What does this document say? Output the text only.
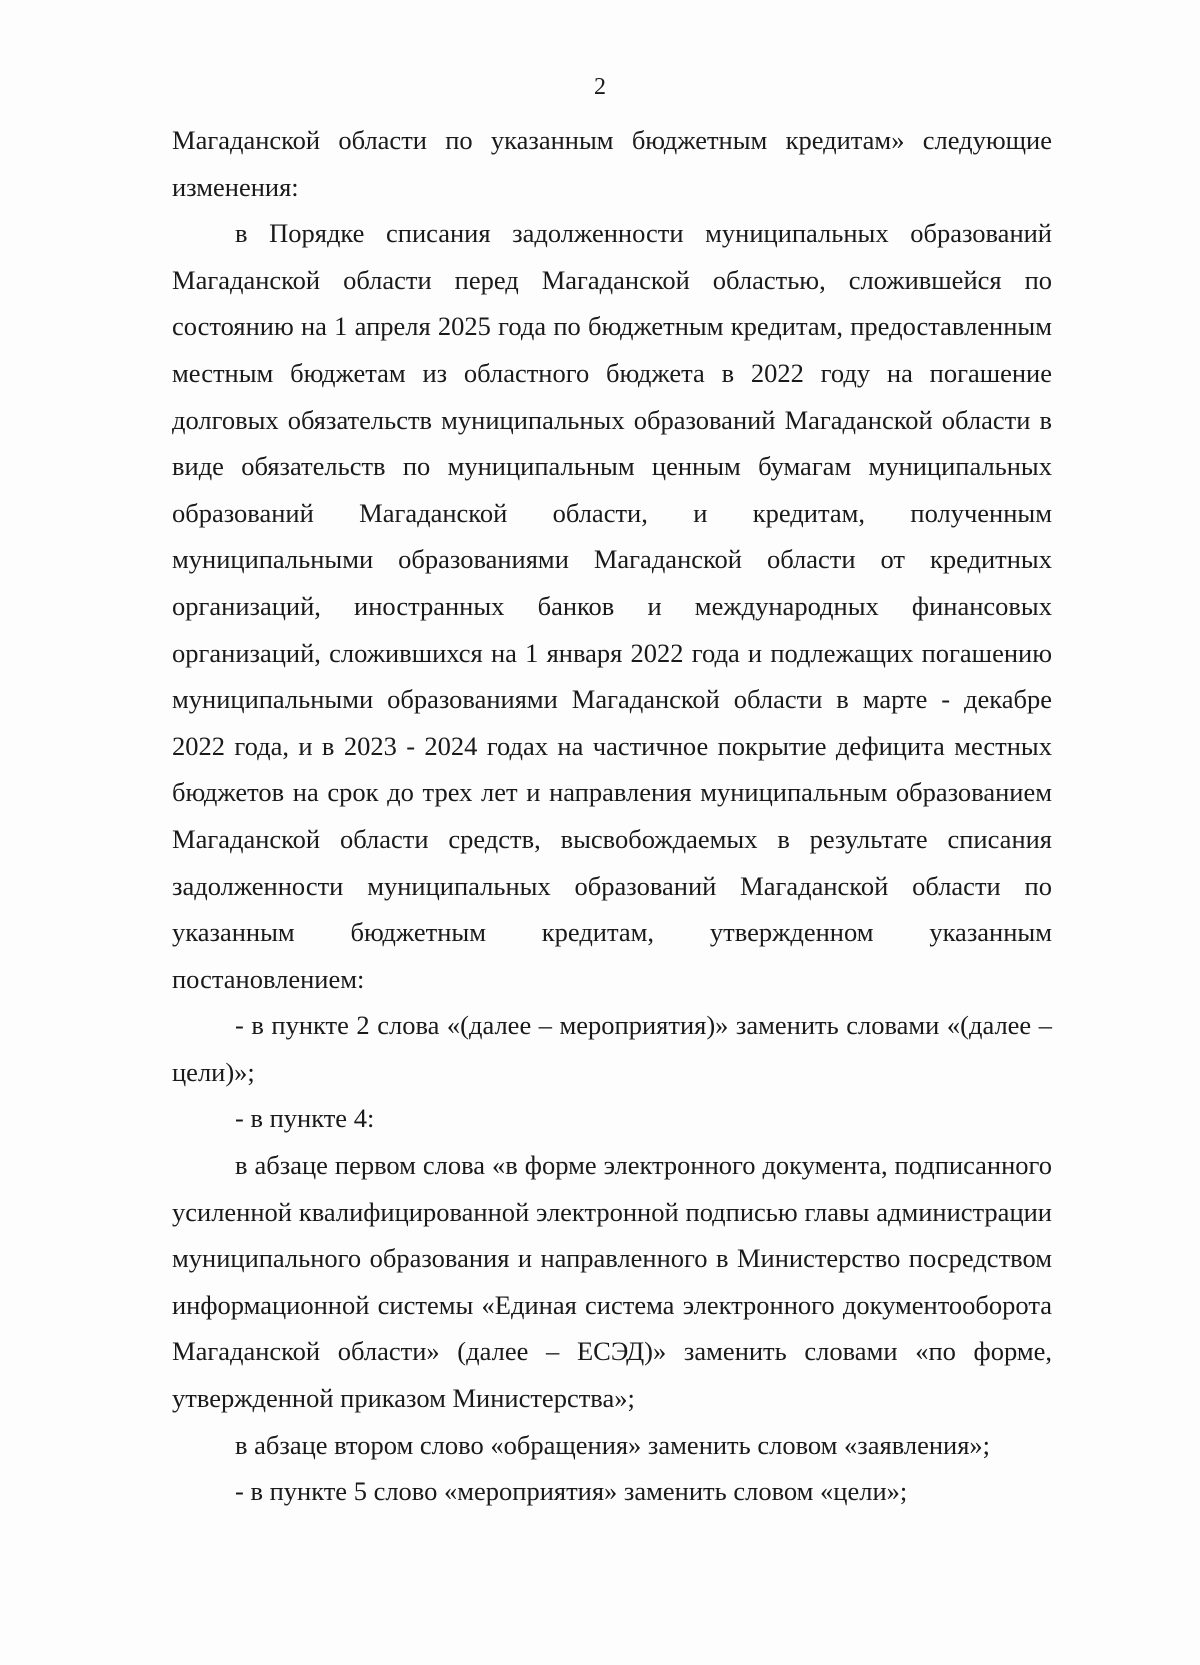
2

Магаданской области по указанным бюджетным кредитам» следующие изменения:

в Порядке списания задолженности муниципальных образований Магаданской области перед Магаданской областью, сложившейся по состоянию на 1 апреля 2025 года по бюджетным кредитам, предоставленным местным бюджетам из областного бюджета в 2022 году на погашение долговых обязательств муниципальных образований Магаданской области в виде обязательств по муниципальным ценным бумагам муниципальных образований Магаданской области, и кредитам, полученным муниципальными образованиями Магаданской области от кредитных организаций, иностранных банков и международных финансовых организаций, сложившихся на 1 января 2022 года и подлежащих погашению муниципальными образованиями Магаданской области в марте - декабре 2022 года, и в 2023 - 2024 годах на частичное покрытие дефицита местных бюджетов на срок до трех лет и направления муниципальным образованием Магаданской области средств, высвобождаемых в результате списания задолженности муниципальных образований Магаданской области по указанным бюджетным кредитам, утвержденном указанным постановлением:

- в пункте 2 слова «(далее – мероприятия)» заменить словами «(далее – цели)»;

- в пункте 4:

в абзаце первом слова «в форме электронного документа, подписанного усиленной квалифицированной электронной подписью главы администрации муниципального образования и направленного в Министерство посредством информационной системы «Единая система электронного документооборота Магаданской области» (далее – ЕСЭД)» заменить словами «по форме, утвержденной приказом Министерства»;

в абзаце втором слово «обращения» заменить словом «заявления»;

- в пункте 5 слово «мероприятия» заменить словом «цели»;
